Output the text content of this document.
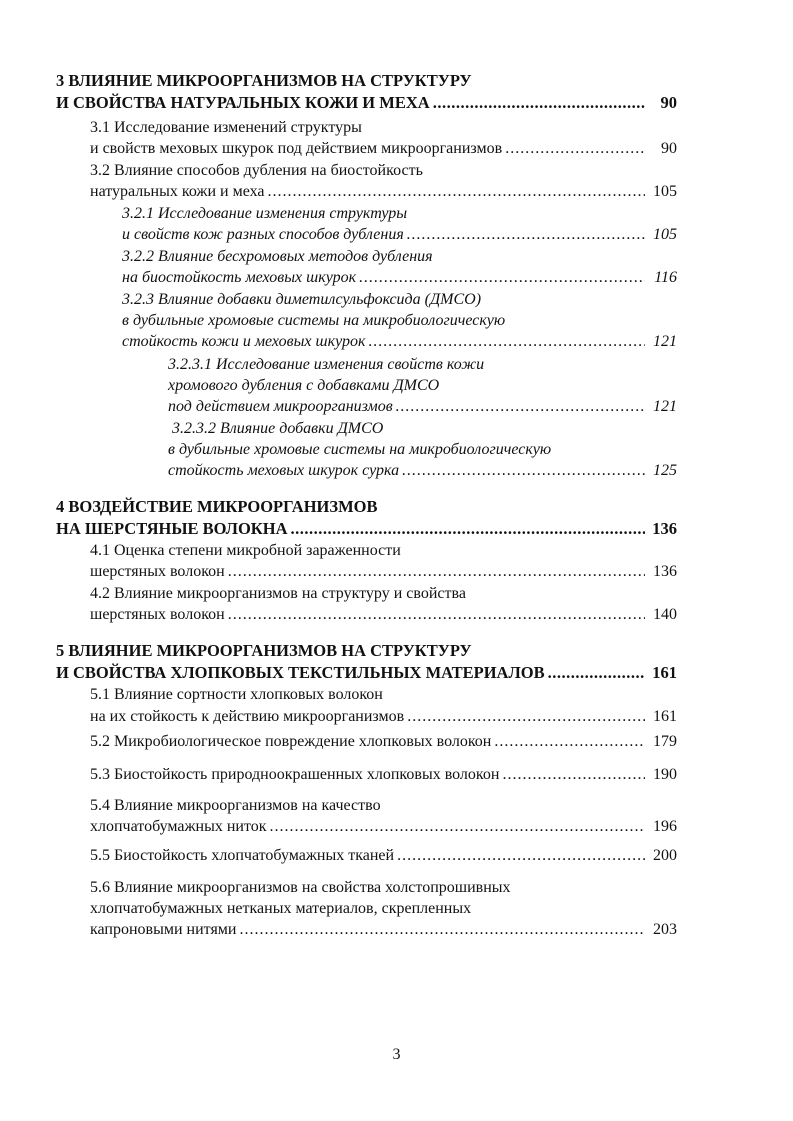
3 ВЛИЯНИЕ МИКРООРГАНИЗМОВ НА СТРУКТУРУ
И СВОЙСТВА НАТУРАЛЬНЫХ КОЖИ И МЕХА .....	90
3.1 Исследование изменений структуры
и свойств меховых шкурок под действием микроорганизмов .....	90
3.2 Влияние способов дубления на биостойкость
натуральных кожи и меха .....	105
3.2.1 Исследование изменения структуры
и свойств кож разных способов дубления .....	105
3.2.2 Влияние бесхромовых методов дубления
на биостойкость меховых шкурок .....	116
3.2.3 Влияние добавки диметилсульфоксида (ДМСО)
в дубильные хромовые системы на микробиологическую
стойкость кожи и меховых шкурок .....	121
3.2.3.1 Исследование изменения свойств кожи
хромового дубления с добавками ДМСО
под действием микроорганизмов .....	121
3.2.3.2 Влияние добавки ДМСО
в дубильные хромовые системы на микробиологическую
стойкость меховых шкурок сурка .....	125
4 ВОЗДЕЙСТВИЕ МИКРООРГАНИЗМОВ
НА ШЕРСТЯНЫЕ ВОЛОКНА .....	136
4.1 Оценка степени микробной зараженности
шерстяных волокон .....	136
4.2 Влияние микроорганизмов на структуру и свойства
шерстяных волокон .....	140
5 ВЛИЯНИЕ МИКРООРГАНИЗМОВ НА СТРУКТУРУ
И СВОЙСТВА ХЛОПКОВЫХ ТЕКСТИЛЬНЫХ МАТЕРИАЛОВ .....	161
5.1 Влияние сортности хлопковых волокон
на их стойкость к действию микроорганизмов .....	161
5.2 Микробиологическое повреждение хлопковых волокон .....	179
5.3 Биостойкость природноокрашенных хлопковых волокон .....	190
5.4 Влияние микроорганизмов на качество
хлопчатобумажных ниток .....	196
5.5 Биостойкость хлопчатобумажных тканей .....	200
5.6 Влияние микроорганизмов на свойства холстопрошивных
хлопчатобумажных нетканых материалов, скрепленных
капроновыми нитями .....	203
3
